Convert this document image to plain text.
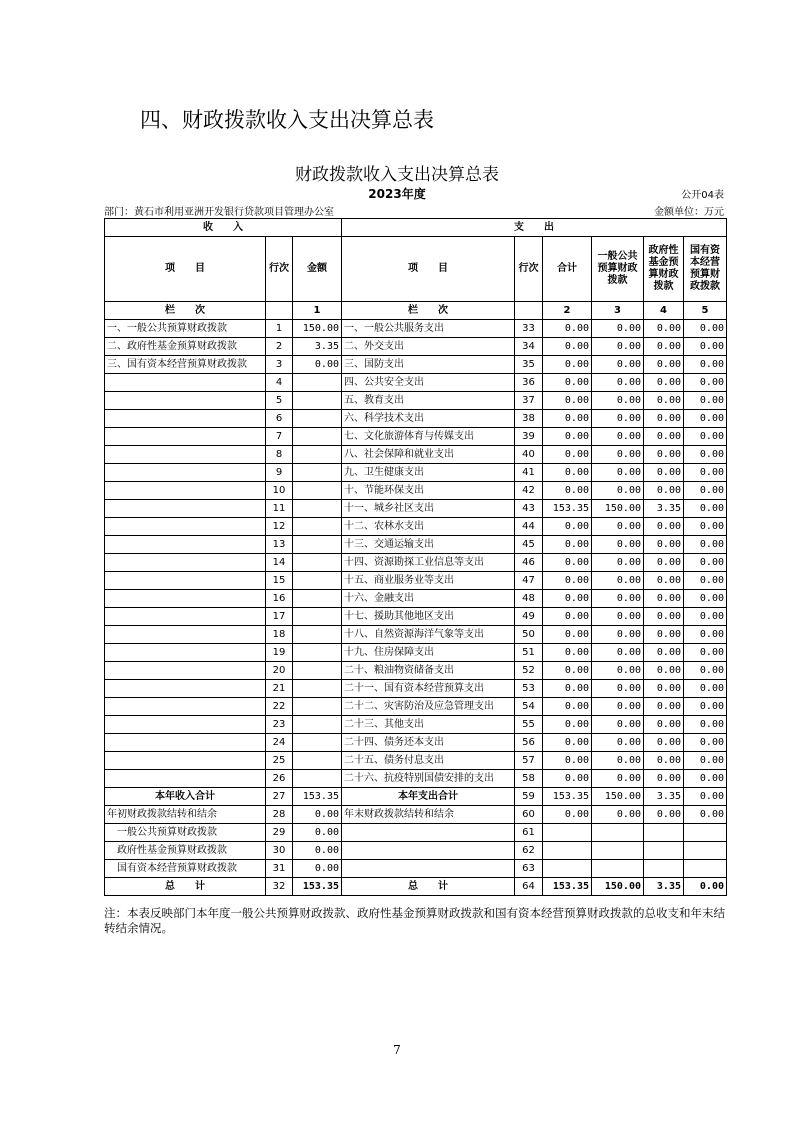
四、财政拨款收入支出决算总表
财政拨款收入支出决算总表
2023年度	公开04表
部门：黄石市利用亚洲开发银行贷款项目管理办公室	金额单位：万元
收　　入			支　　出					
项　　目	行次	金额	项　　目	行次	合计	一般公共预算财政拨款	政府性基金预算财政拨款	国有资本经营预算财政拨款
栏　　次		1	栏　　次		2	3	4	5
一、一般公共预算财政拨款	1	150.00	一、一般公共服务支出	33	0.00	0.00	0.00	0.00
二、政府性基金预算财政拨款	2	3.35	二、外交支出	34	0.00	0.00	0.00	0.00
三、国有资本经营预算财政拨款	3	0.00	三、国防支出	35	0.00	0.00	0.00	0.00
	4		四、公共安全支出	36	0.00	0.00	0.00	0.00
	5		五、教育支出	37	0.00	0.00	0.00	0.00
	6		六、科学技术支出	38	0.00	0.00	0.00	0.00
	7		七、文化旅游体育与传媒支出	39	0.00	0.00	0.00	0.00
	8		八、社会保障和就业支出	40	0.00	0.00	0.00	0.00
	9		九、卫生健康支出	41	0.00	0.00	0.00	0.00
	10		十、节能环保支出	42	0.00	0.00	0.00	0.00
	11		十一、城乡社区支出	43	153.35	150.00	3.35	0.00
	12		十二、农林水支出	44	0.00	0.00	0.00	0.00
	13		十三、交通运输支出	45	0.00	0.00	0.00	0.00
	14		十四、资源勘探工业信息等支出	46	0.00	0.00	0.00	0.00
	15		十五、商业服务业等支出	47	0.00	0.00	0.00	0.00
	16		十六、金融支出	48	0.00	0.00	0.00	0.00
	17		十七、援助其他地区支出	49	0.00	0.00	0.00	0.00
	18		十八、自然资源海洋气象等支出	50	0.00	0.00	0.00	0.00
	19		十九、住房保障支出	51	0.00	0.00	0.00	0.00
	20		二十、粮油物资储备支出	52	0.00	0.00	0.00	0.00
	21		二十一、国有资本经营预算支出	53	0.00	0.00	0.00	0.00
	22		二十二、灾害防治及应急管理支出	54	0.00	0.00	0.00	0.00
	23		二十三、其他支出	55	0.00	0.00	0.00	0.00
	24		二十四、债务还本支出	56	0.00	0.00	0.00	0.00
	25		二十五、债务付息支出	57	0.00	0.00	0.00	0.00
	26		二十六、抗疫特别国债安排的支出	58	0.00	0.00	0.00	0.00
本年收入合计	27	153.35	本年支出合计	59	153.35	150.00	3.35	0.00
年初财政拨款结转和结余	28	0.00	年末财政拨款结转和结余	60	0.00	0.00	0.00	0.00
一般公共预算财政拨款	29	0.00		61				
政府性基金预算财政拨款	30	0.00		62				
国有资本经营预算财政拨款	31	0.00		63				
总　　计	32	153.35	总　　计	64	153.35	150.00	3.35	0.00
注：本表反映部门本年度一般公共预算财政拨款、政府性基金预算财政拨款和国有资本经营预算财政拨款的总收支和年末结转结余情况。
7
